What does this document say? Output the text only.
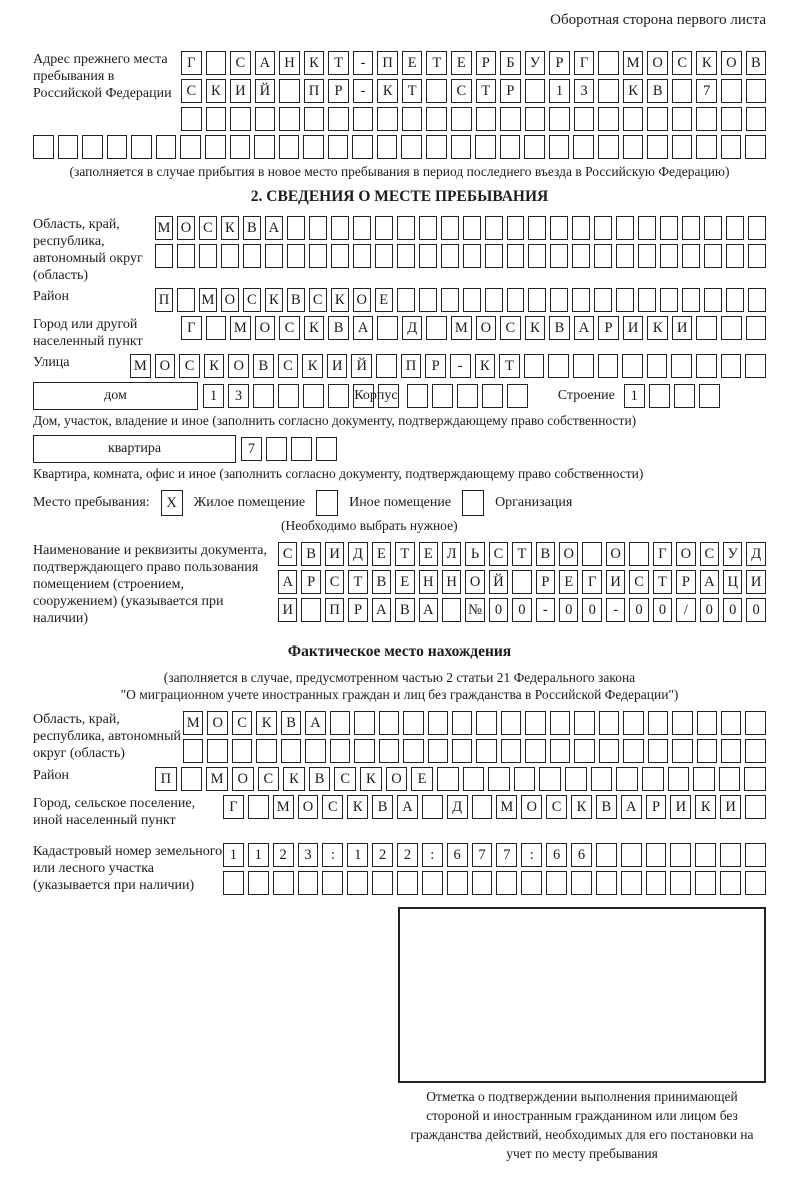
Оборотная сторона первого листа
Адрес прежнего места пребывания в Российской Федерации
Г	С А Н К	Т	-	П	Е	Т	Е	Р	Б	У	Р	Г	М О С	К О В
С	К И Й	П	Р	-	К	Т	С	Т	Р	1	3	К	В	7
(заполняется в случае прибытия в новое место пребывания в период последнего въезда в Российскую Федерацию)
2. СВЕДЕНИЯ О МЕСТЕ ПРЕБЫВАНИЯ
Область, край, республика, автономный округ (область)
М О С К В А
Район	П М О С К В С К О Е
Город или другой населенный пункт
Г	М О С	К	В А	Д	М О С	К	В А	Р	И К И
Улица	М О	С	К	О	В	С	К	И Й	П	Р	-	К	Т
дом	1	3	Корпус	Строение	1
Дом, участок, владение и иное (заполнить согласно документу, подтверждающему право собственности)
квартира	7
Квартира, комната, офис и иное (заполнить согласно документу, подтверждающему право собственности)
Место пребывания:	X	Жилое помещение	Иное помещение	Организация
(Необходимо выбрать нужное)
Наименование и реквизиты документа, подтверждающего право пользования помещением (строением, сооружением) (указывается при наличии)
С В И Д Е	Т	Е Л Ь С Т В О	О	Г О С У Д
А Р	С Т В Е Н Н О Й	Р	Е	Г И С Т	Р А Ц И
И	П Р А В А	№ 0	0	-	0	0	-	0	0	/	0	0	0
Фактическое место нахождения
(заполняется в случае, предусмотренном частью 2 статьи 21 Федерального закона
"О миграционном учете иностранных граждан и лиц без гражданства в Российской Федерации")
Область, край, республика, автономный округ (область)
М О С	К	В А
Район	П	М О	С	К	В	С	К	О	Е
Город, сельское поселение, иной населенный пункт
Г	М О	С	К	В	А	Д	М О	С	К	В	А	Р	И	К	И
Кадастровый номер земельного или лесного участка (указывается при наличии)
1	1	2	3	:	1	2	2	:	6	7	7	:	6	6
Отметка о подтверждении выполнения принимающей стороной и иностранным гражданином или лицом без гражданства действий, необходимых для его постановки на учет по месту пребывания
